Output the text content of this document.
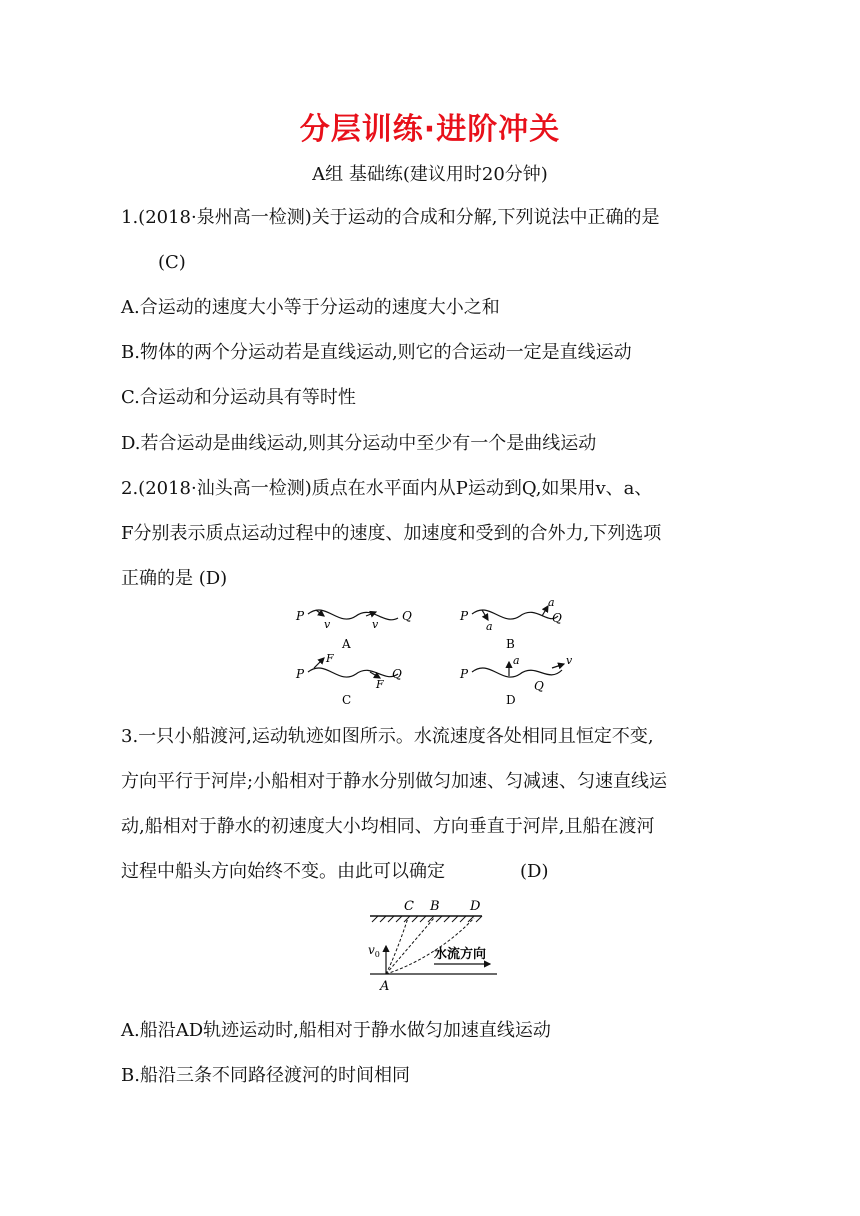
分层训练·进阶冲关
A组 基础练(建议用时20分钟)
1.(2018·泉州高一检测)关于运动的合成和分解,下列说法中正确的是
(C)
A.合运动的速度大小等于分运动的速度大小之和
B.物体的两个分运动若是直线运动,则它的合运动一定是直线运动
C.合运动和分运动具有等时性
D.若合运动是曲线运动,则其分运动中至少有一个是曲线运动
2.(2018·汕头高一检测)质点在水平面内从P运动到Q,如果用v、a、
F分别表示质点运动过程中的速度、加速度和受到的合外力,下列选项
正确的是 (D)
P
v	v
Q
A
P
a
a
Q
B
P
F
F
Q
C
P
a	v
Q
D
3.一只小船渡河,运动轨迹如图所示。水流速度各处相同且恒定不变,
方向平行于河岸;小船相对于静水分别做匀加速、匀减速、匀速直线运
动,船相对于静水的初速度大小均相同、方向垂直于河岸,且船在渡河
过程中船头方向始终不变。由此可以确定	(D)
C B D
$v_0$	水流方向
A
A.船沿AD轨迹运动时,船相对于静水做匀加速直线运动
B.船沿三条不同路径渡河的时间相同
